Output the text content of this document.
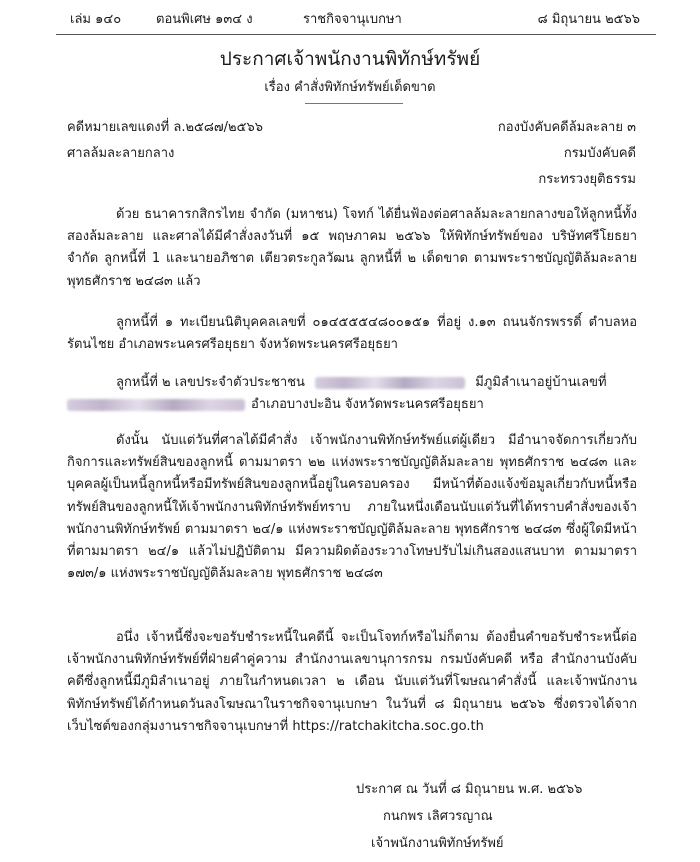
เล่ม ๑๔๐	ตอนพิเศษ ๑๓๔ ง	ราชกิจจานุเบกษา	๘ มิถุนายน ๒๕๖๖
ประกาศเจ้าพนักงานพิทักษ์ทรัพย์
เรื่อง คำสั่งพิทักษ์ทรัพย์เด็ดขาด
คดีหมายเลขแดงที่ ล.๒๕๘๗/๒๕๖๖
ศาลล้มละลายกลาง
กองบังคับคดีล้มละลาย ๓
กรมบังคับคดี
กระทรวงยุติธรรม
ด้วย ธนาคารกสิกรไทย จำกัด (มหาชน) โจทก์ ได้ยื่นฟ้องต่อศาลล้มละลายกลางขอให้ลูกหนี้ทั้งสองล้มละลาย และศาลได้มีคำสั่งลงวันที่ ๑๕ พฤษภาคม ๒๕๖๖ ให้พิทักษ์ทรัพย์ของ บริษัทศรีโยธยา จำกัด ลูกหนี้ที่ 1 และนายอภิชาต เตียวตระกูลวัฒน ลูกหนี้ที่ ๒ เด็ดขาด ตามพระราชบัญญัติล้มละลาย พุทธศักราช ๒๔๘๓ แล้ว
ลูกหนี้ที่ ๑ ทะเบียนนิติบุคคลเลขที่ ๐๑๔๕๕๕๔๘๐๐๑๕๑ ที่อยู่ ง.๑๓ ถนนจักรพรรดิ์ ตำบลหอรัตนไชย อำเภอพระนครศรีอยุธยา จังหวัดพระนครศรีอยุธยา
ลูกหนี้ที่ ๒ เลขประจำตัวประชาชน	มีภูมิลำเนาอยู่บ้านเลขที่
อำเภอบางปะอิน จังหวัดพระนครศรีอยุธยา
ดังนั้น นับแต่วันที่ศาลได้มีคำสั่ง เจ้าพนักงานพิทักษ์ทรัพย์แต่ผู้เดียว มีอำนาจจัดการเกี่ยวกับกิจการและทรัพย์สินของลูกหนี้ ตามมาตรา ๒๒ แห่งพระราชบัญญัติล้มละลาย พุทธศักราช ๒๔๘๓ และบุคคลผู้เป็นหนี้ลูกหนี้หรือมีทรัพย์สินของลูกหนี้อยู่ในครอบครอง มีหน้าที่ต้องแจ้งข้อมูลเกี่ยวกับหนี้หรือทรัพย์สินของลูกหนี้ให้เจ้าพนักงานพิทักษ์ทรัพย์ทราบ ภายในหนึ่งเดือนนับแต่วันที่ได้ทราบคำสั่งของเจ้าพนักงานพิทักษ์ทรัพย์ ตามมาตรา ๒๔/๑ แห่งพระราชบัญญัติล้มละลาย พุทธศักราช ๒๔๘๓ ซึ่งผู้ใดมีหน้าที่ตามมาตรา ๒๔/๑ แล้วไม่ปฏิบัติตาม มีความผิดต้องระวางโทษปรับไม่เกินสองแสนบาท ตามมาตรา ๑๗๓/๑ แห่งพระราชบัญญัติล้มละลาย พุทธศักราช ๒๔๘๓
อนึ่ง เจ้าหนี้ซึ่งจะขอรับชำระหนี้ในคดีนี้ จะเป็นโจทก์หรือไม่ก็ตาม ต้องยื่นคำขอรับชำระหนี้ต่อเจ้าพนักงานพิทักษ์ทรัพย์ที่ฝ่ายคำคู่ความ สำนักงานเลขานุการกรม กรมบังคับคดี หรือ สำนักงานบังคับคดีซึ่งลูกหนี้มีภูมิลำเนาอยู่ ภายในกำหนดเวลา ๒ เดือน นับแต่วันที่โฆษณาคำสั่งนี้ และเจ้าพนักงานพิทักษ์ทรัพย์ได้กำหนดวันลงโฆษณาในราชกิจจานุเบกษา ในวันที่ ๘ มิถุนายน ๒๕๖๖ ซึ่งตรวจได้จากเว็บไซต์ของกลุ่มงานราชกิจจานุเบกษาที่ https://ratchakitcha.soc.go.th
ประกาศ ณ วันที่ ๘ มิถุนายน พ.ศ. ๒๕๖๖
กนกพร เลิศวรญาณ
เจ้าพนักงานพิทักษ์ทรัพย์
